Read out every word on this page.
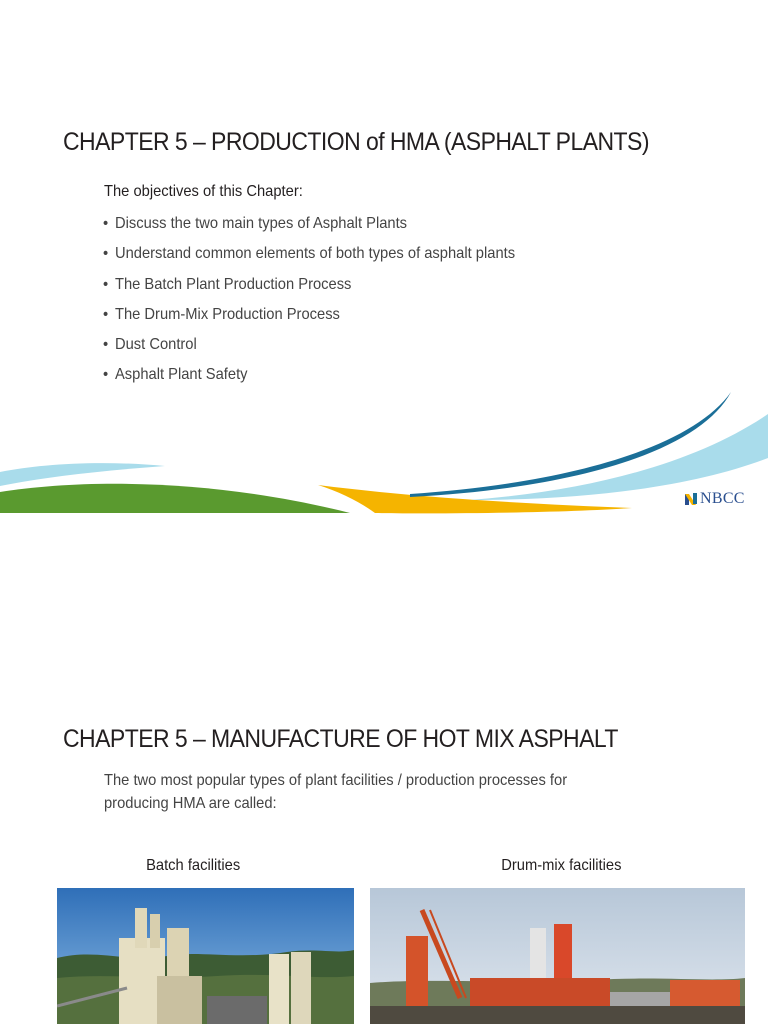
CHAPTER 5 – PRODUCTION of HMA (ASPHALT PLANTS)
The objectives of this Chapter:
• Discuss the two main types of Asphalt Plants
• Understand common elements of both types of asphalt plants
• The Batch Plant Production Process
• The Drum-Mix Production Process
• Dust Control
• Asphalt Plant Safety
NBCC
CHAPTER 5 – MANUFACTURE OF HOT MIX ASPHALT
The two most popular types of plant facilities / production processes for producing HMA are called:
Batch facilities	Drum-mix facilities
